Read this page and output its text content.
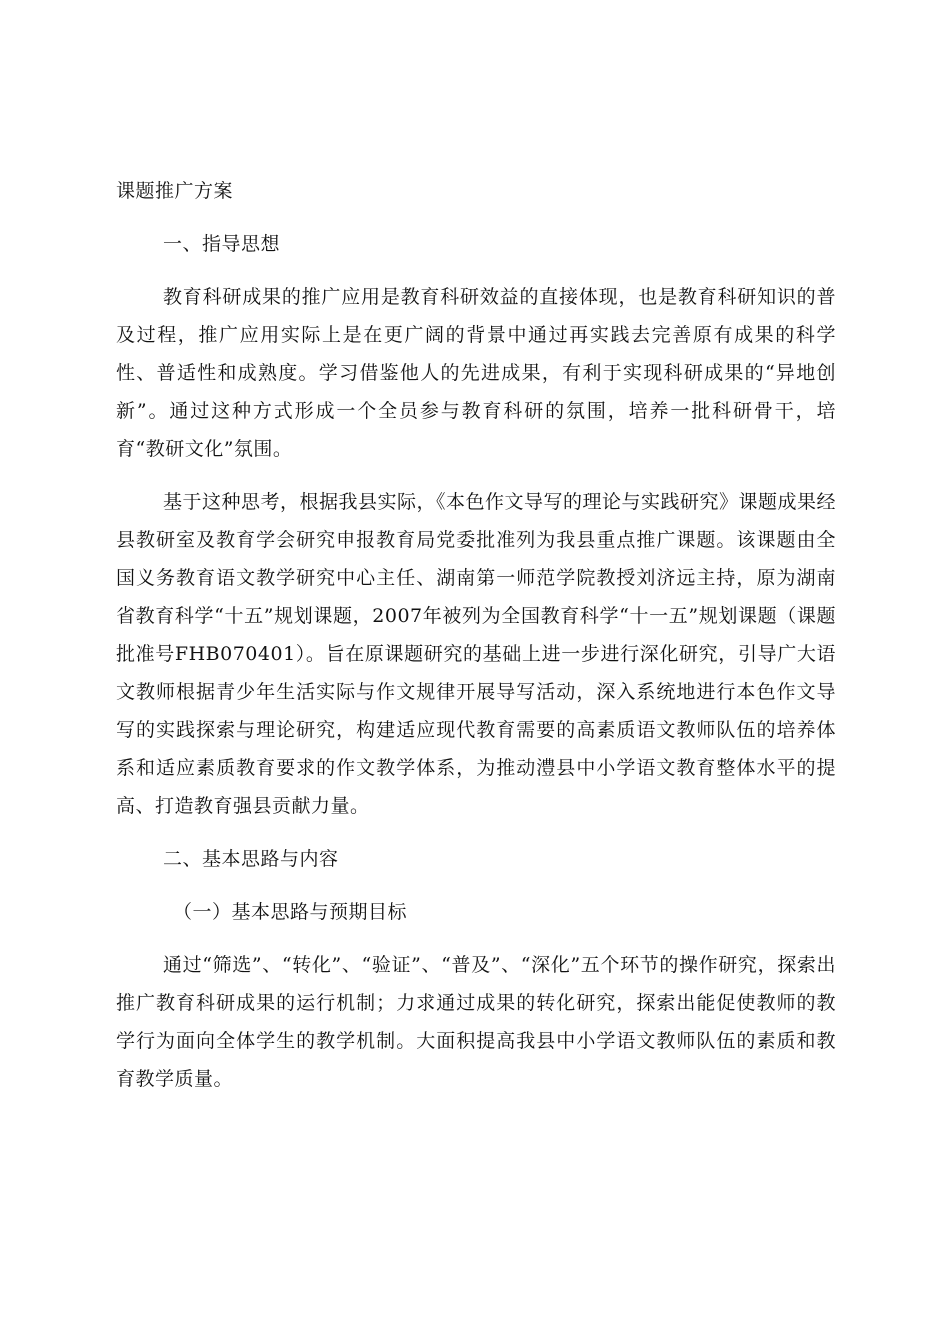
课题推广方案

一、指导思想

教育科研成果的推广应用是教育科研效益的直接体现，也是教育科研知识的普及过程，推广应用实际上是在更广阔的背景中通过再实践去完善原有成果的科学性、普适性和成熟度。学习借鉴他人的先进成果，有利于实现科研成果的“异地创新”。通过这种方式形成一个全员参与教育科研的氛围，培养一批科研骨干，培育“教研文化”氛围。

基于这种思考，根据我县实际，《本色作文导写的理论与实践研究》课题成果经县教研室及教育学会研究申报教育局党委批准列为我县重点推广课题。该课题由全国义务教育语文教学研究中心主任、湖南第一师范学院教授刘济远主持，原为湖南省教育科学“十五”规划课题，2007年被列为全国教育科学“十一五”规划课题（课题批准号FHB070401）。旨在原课题研究的基础上进一步进行深化研究，引导广大语文教师根据青少年生活实际与作文规律开展导写活动，深入系统地进行本色作文导写的实践探索与理论研究，构建适应现代教育需要的高素质语文教师队伍的培养体系和适应素质教育要求的作文教学体系，为推动澧县中小学语文教育整体水平的提高、打造教育强县贡献力量。

二、基本思路与内容

（一）基本思路与预期目标

通过“筛选”、“转化”、“验证”、“普及”、“深化”五个环节的操作研究，探索出推广教育科研成果的运行机制；力求通过成果的转化研究，探索出能促使教师的教学行为面向全体学生的教学机制。大面积提高我县中小学语文教师队伍的素质和教育教学质量。
